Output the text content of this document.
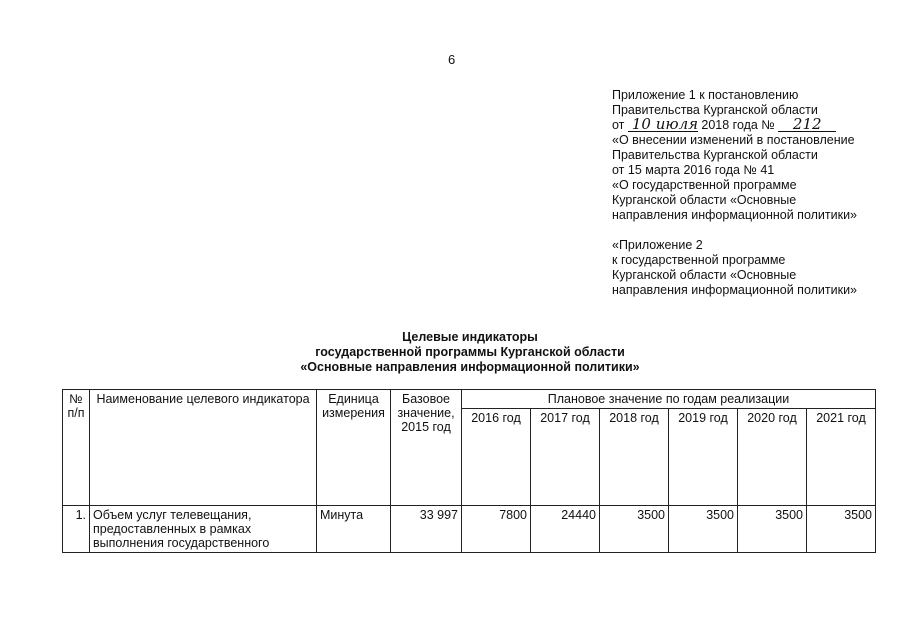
6
Приложение 1 к постановлению
Правительства Курганской области
от 10 июля 2018 года № 212
«О внесении изменений в постановление
Правительства Курганской области
от 15 марта 2016 года № 41
«О государственной программе
Курганской области «Основные
направления информационной политики»
«Приложение 2
к государственной программе
Курганской области «Основные
направления информационной политики»
Целевые индикаторы
государственной программы Курганской области
«Основные направления информационной политики»
№ п/п	Наименование целевого индикатора	Единица измерения	Базовое значение, 2015 год	Плановое значение по годам реализации					
				2016 год	2017 год	2018 год	2019 год	2020 год	2021 год
1.	Объем услуг телевещания, предоставленных в рамках выполнения государственного	Минута	33 997	7800	24440	3500	3500	3500	3500
